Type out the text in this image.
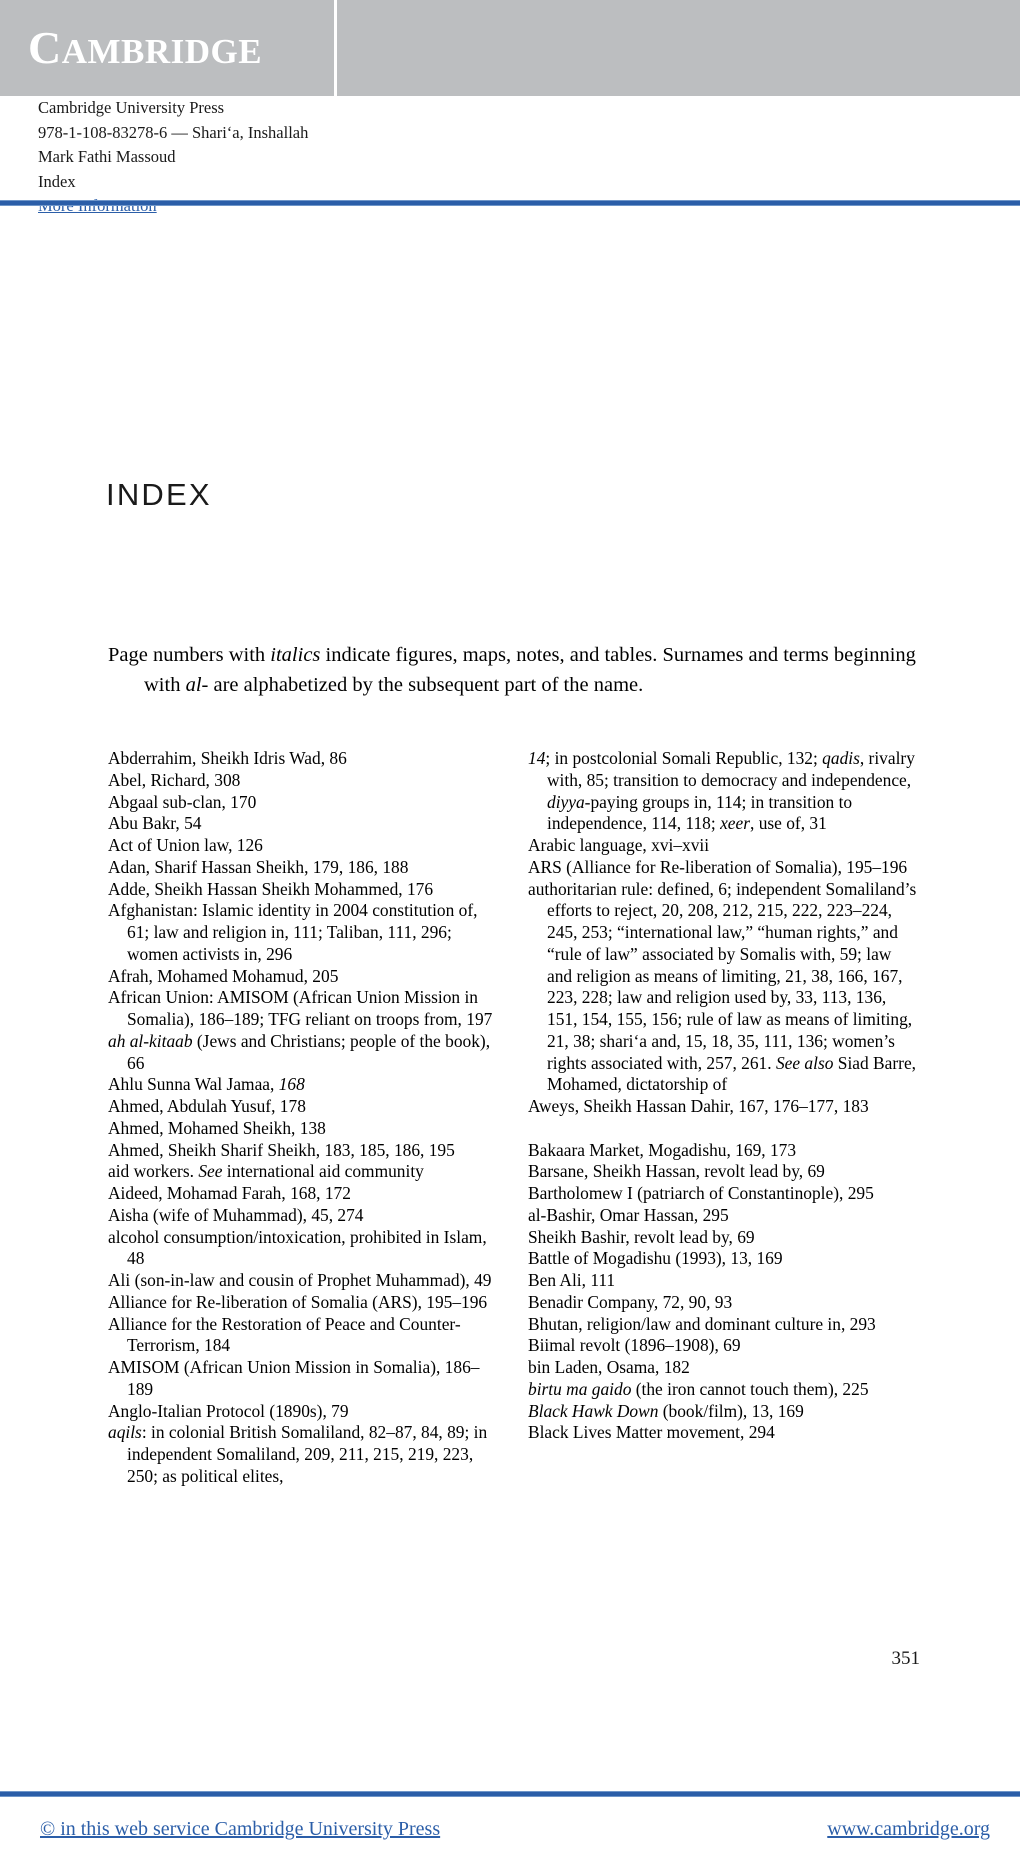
CAMBRIDGE
Cambridge University Press
978-1-108-83278-6 — Shariʻa, Inshallah
Mark Fathi Massoud
Index
INDEX
Page numbers with italics indicate figures, maps, notes, and tables. Surnames and terms beginning with al- are alphabetized by the subsequent part of the name.

Abderrahim, Sheikh Idris Wad, 86

Abel, Richard, 308

Abgaal sub-clan, 170

Abu Bakr, 54

Act of Union law, 126

Adan, Sharif Hassan Sheikh, 179, 186, 188

Adde, Sheikh Hassan Sheikh Mohammed, 176

Afghanistan: Islamic identity in 2004 constitution of, 61; law and religion in, 111; Taliban, 111, 296; women activists in, 296

Afrah, Mohamed Mohamud, 205

African Union: AMISOM (African Union Mission in Somalia), 186–189; TFG reliant on troops from, 197

ah al-kitaab (Jews and Christians; people of the book), 66

Ahlu Sunna Wal Jamaa, 168

Ahmed, Abdulah Yusuf, 178

Ahmed, Mohamed Sheikh, 138

Ahmed, Sheikh Sharif Sheikh, 183, 185, 186, 195

aid workers. See international aid community

Aideed, Mohamad Farah, 168, 172

Aisha (wife of Muhammad), 45, 274

alcohol consumption/intoxication, prohibited in Islam, 48

Ali (son-in-law and cousin of Prophet Muhammad), 49

Alliance for Re-liberation of Somalia (ARS), 195–196

Alliance for the Restoration of Peace and Counter-Terrorism, 184

AMISOM (African Union Mission in Somalia), 186–189

Anglo-Italian Protocol (1890s), 79

aqils: in colonial British Somaliland, 82–87, 84, 89; in independent Somaliland, 209, 211, 215, 219, 223, 250; as political elites,

14; in postcolonial Somali Republic, 132; qadis, rivalry with, 85; transition to democracy and independence, diyya-paying groups in, 114; in transition to independence, 114, 118; xeer, use of, 31

Arabic language, xvi–xvii

ARS (Alliance for Re-liberation of Somalia), 195–196

authoritarian rule: defined, 6; independent Somaliland’s efforts to reject, 20, 208, 212, 215, 222, 223–224, 245, 253; “international law,” “human rights,” and “rule of law” associated by Somalis with, 59; law and religion as means of limiting, 21, 38, 166, 167, 223, 228; law and religion used by, 33, 113, 136, 151, 154, 155, 156; rule of law as means of limiting, 21, 38; shariʻa and, 15, 18, 35, 111, 136; women’s rights associated with, 257, 261. See also Siad Barre, Mohamed, dictatorship of

Aweys, Sheikh Hassan Dahir, 167, 176–177, 183

Bakaara Market, Mogadishu, 169, 173

Barsane, Sheikh Hassan, revolt lead by, 69

Bartholomew I (patriarch of Constantinople), 295

al-Bashir, Omar Hassan, 295

Sheikh Bashir, revolt lead by, 69

Battle of Mogadishu (1993), 13, 169

Ben Ali, 111

Benadir Company, 72, 90, 93

Bhutan, religion/law and dominant culture in, 293

Biimal revolt (1896–1908), 69

bin Laden, Osama, 182

birtu ma gaido (the iron cannot touch them), 225

Black Hawk Down (book/film), 13, 169

Black Lives Matter movement, 294

351
© in this web service Cambridge University Press	www.cambridge.org
